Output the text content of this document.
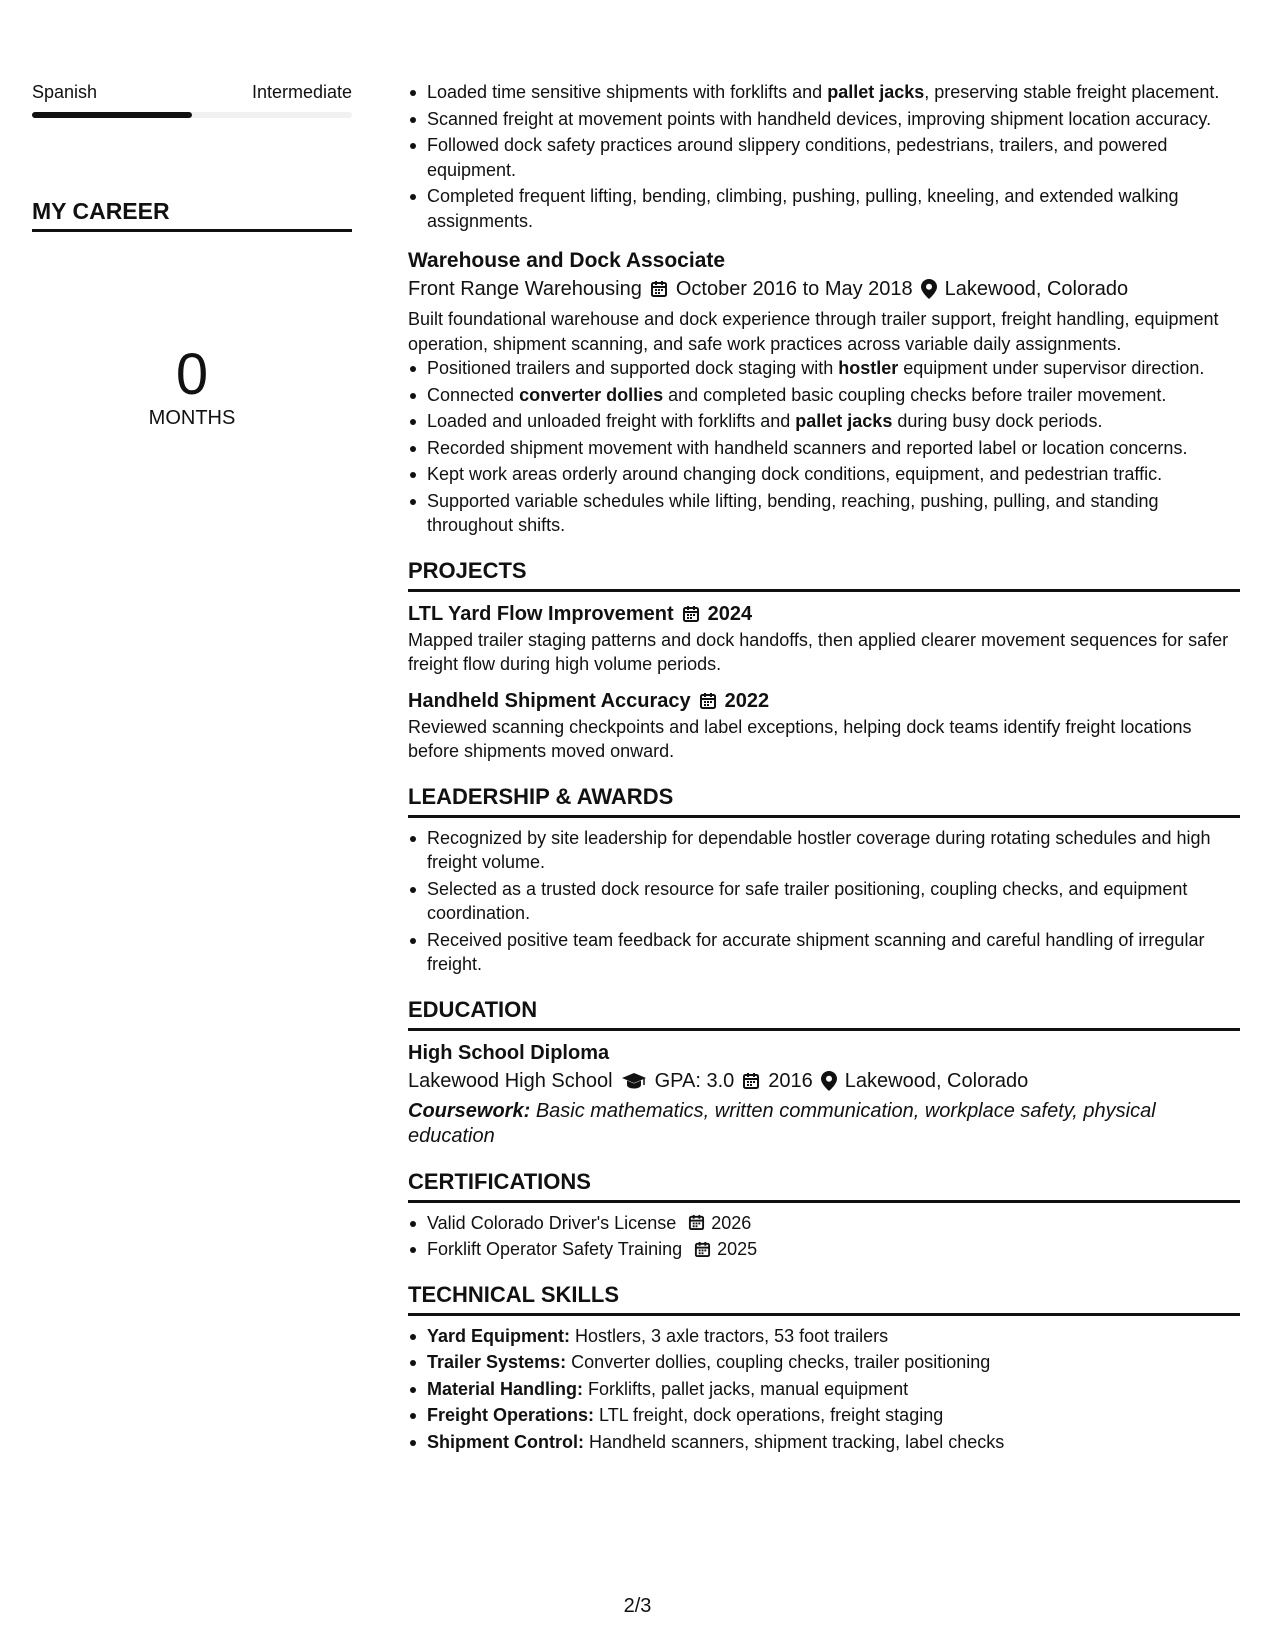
Spanish	Intermediate
MY CAREER
0
MONTHS
Loaded time sensitive shipments with forklifts and pallet jacks, preserving stable freight placement.
Scanned freight at movement points with handheld devices, improving shipment location accuracy.
Followed dock safety practices around slippery conditions, pedestrians, trailers, and powered equipment.
Completed frequent lifting, bending, climbing, pushing, pulling, kneeling, and extended walking assignments.
Warehouse and Dock Associate
Front Range Warehousing October 2016 to May 2018 Lakewood, Colorado

Built foundational warehouse and dock experience through trailer support, freight handling, equipment operation, shipment scanning, and safe work practices across variable daily assignments.

Positioned trailers and supported dock staging with hostler equipment under supervisor direction.
Connected converter dollies and completed basic coupling checks before trailer movement.
Loaded and unloaded freight with forklifts and pallet jacks during busy dock periods.
Recorded shipment movement with handheld scanners and reported label or location concerns.
Kept work areas orderly around changing dock conditions, equipment, and pedestrian traffic.
Supported variable schedules while lifting, bending, reaching, pushing, pulling, and standing throughout shifts.
PROJECTS
LTL Yard Flow Improvement 2024

Mapped trailer staging patterns and dock handoffs, then applied clearer movement sequences for safer freight flow during high volume periods.

Handheld Shipment Accuracy 2022

Reviewed scanning checkpoints and label exceptions, helping dock teams identify freight locations before shipments moved onward.

LEADERSHIP & AWARDS
Recognized by site leadership for dependable hostler coverage during rotating schedules and high freight volume.
Selected as a trusted dock resource for safe trailer positioning, coupling checks, and equipment coordination.
Received positive team feedback for accurate shipment scanning and careful handling of irregular freight.
EDUCATION
High School Diploma
Lakewood High School GPA: 3.0 2016 Lakewood, Colorado

Coursework: Basic mathematics, written communication, workplace safety, physical education

CERTIFICATIONS
Valid Colorado Driver's License 2026
Forklift Operator Safety Training 2025
TECHNICAL SKILLS
Yard Equipment: Hostlers, 3 axle tractors, 53 foot trailers
Trailer Systems: Converter dollies, coupling checks, trailer positioning
Material Handling: Forklifts, pallet jacks, manual equipment
Freight Operations: LTL freight, dock operations, freight staging
Shipment Control: Handheld scanners, shipment tracking, label checks
2/3
